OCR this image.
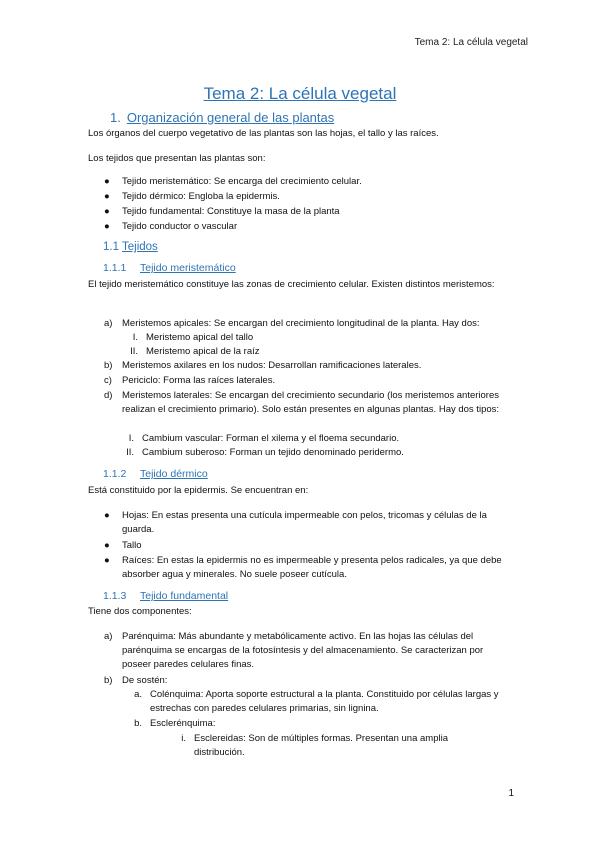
Tema 2: La célula vegetal
Tema 2: La célula vegetal
1. Organización general de las plantas
Los órganos del cuerpo vegetativo de las plantas son las hojas, el tallo y las raíces.
Los tejidos que presentan las plantas son:
●	Tejido meristemático: Se encarga del crecimiento celular.
●	Tejido dérmico: Engloba la epidermis.
●	Tejido fundamental: Constituye la masa de la planta
●	Tejido conductor o vascular
1.1 Tejidos
1.1.1 Tejido meristemático
El tejido meristemático constituye las zonas de crecimiento celular. Existen distintos meristemos:
a)	Meristemos apicales: Se encargan del crecimiento longitudinal de la planta. Hay dos:
I. Meristemo apical del tallo
II. Meristemo apical de la raíz
b)	Meristemos axilares en los nudos: Desarrollan ramificaciones laterales.
c)	Periciclo: Forma las raíces laterales.
d)	Meristemos laterales: Se encargan del crecimiento secundario (los meristemos anteriores realizan el crecimiento primario). Solo están presentes en algunas plantas. Hay dos tipos:
I. Cambium vascular: Forman el xilema y el floema secundario.
II. Cambium suberoso: Forman un tejido denominado peridermo.
1.1.2 Tejido dérmico
Está constituido por la epidermis. Se encuentran en:
●	Hojas: En estas presenta una cutícula impermeable con pelos, tricomas y células de la guarda.
●	Tallo
●	Raíces: En estas la epidermis no es impermeable y presenta pelos radicales, ya que debe absorber agua y minerales. No suele poseer cutícula.
1.1.3 Tejido fundamental
Tiene dos componentes:
a)	Parénquima: Más abundante y metabólicamente activo. En las hojas las células del parénquima se encargas de la fotosíntesis y del almacenamiento. Se caracterizan por poseer paredes celulares finas.
b)	De sostén:
a. Colénquima: Aporta soporte estructural a la planta. Constituido por células largas y estrechas con paredes celulares primarias, sin lignina.
b. Esclerénquima:
i. Esclereidas: Son de múltiples formas. Presentan una amplia distribución.
1
